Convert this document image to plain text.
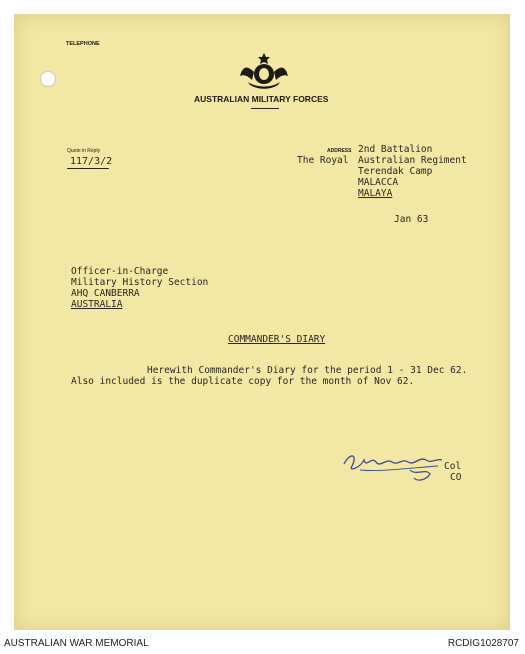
TELEPHONE
AUSTRALIAN MILITARY FORCES
Quote in Reply
117/3/2
ADDRESS 2nd Battalion
The Royal Australian Regiment
Terendak Camp
MALACCA
MALAYA
Jan 63
Officer-in-Charge
Military History Section
AHQ CANBERRA
AUSTRALIA
COMMANDER'S DIARY
Herewith Commander's Diary for the period 1 - 31 Dec 62.
Also included is the duplicate copy for the month of Nov 62.
Col
CO
AUSTRALIAN WAR MEMORIAL	RCDIG1028707
